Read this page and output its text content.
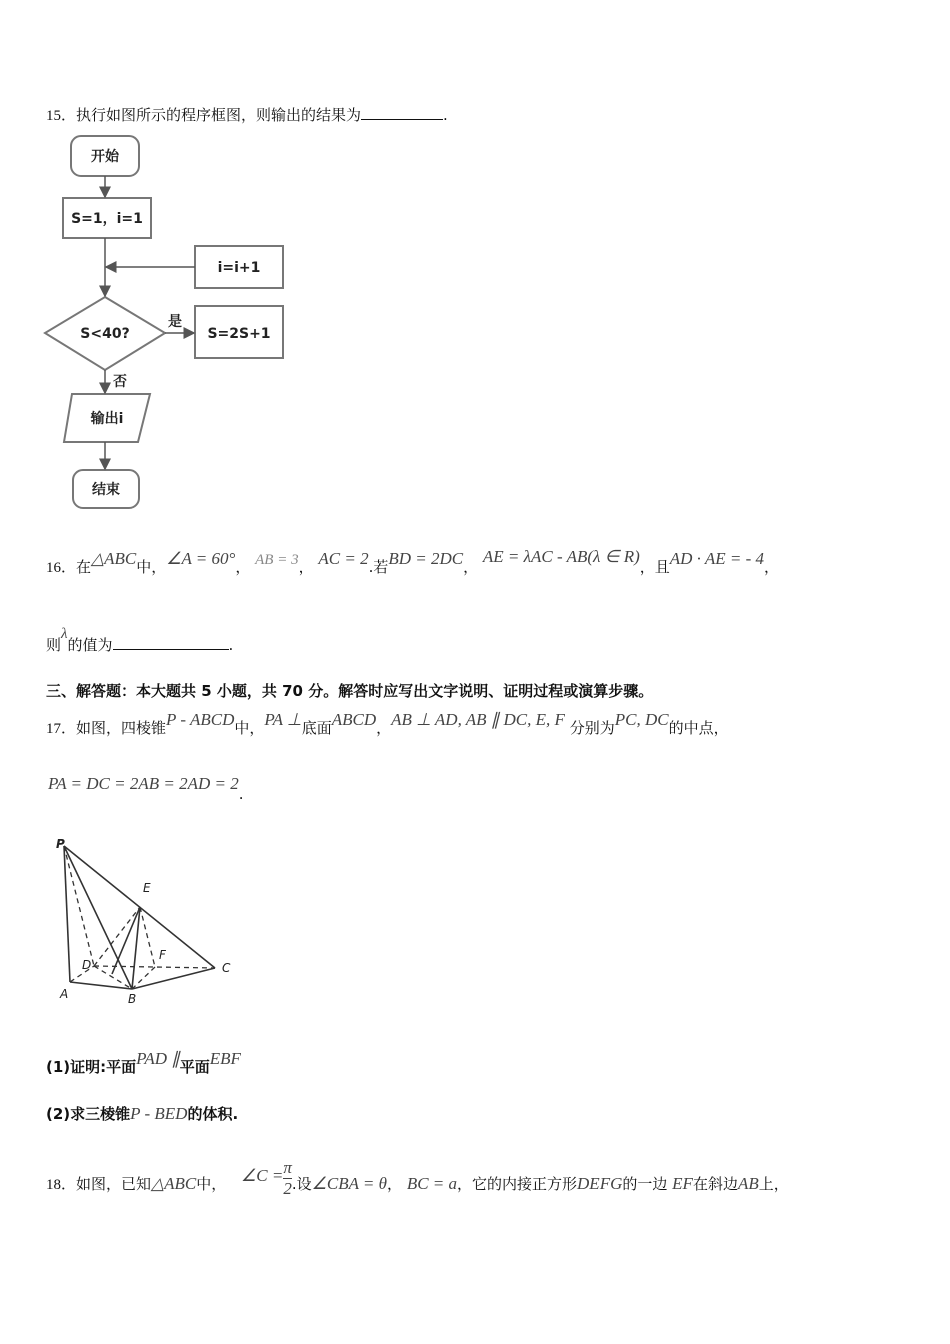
15．执行如图所示的程序框图，则输出的结果为	.
开始
S=1，i=1
i=i+1
S<40?	S=2S+1
输出i
结束
是
否
16．在△ABC中，∠A = 60°， AB = 3， AC = 2.若BD = 2DC， AE = λAC - AB(λ ∈ R)，且AD · AE = - 4，
则λ的值为	.
三、解答题：本大题共 5 小题，共 70 分。解答时应写出文字说明、证明过程或演算步骤。
17．如图，四棱锥P - ABCD中，PA ⊥底面ABCD，AB ⊥ AD, AB ∥ DC, E, F 分别为PC, DC的中点，
PA = DC = 2AB = 2AD = 2.
P
E
F
D	C
A	B
(1)证明:平面PAD ∥平面EBF
(2)求三棱锥P - BED的体积.
18．如图，已知△ABC中， ∠C = $\frac{\pi}{2}$ .设∠CBA = θ， BC = a，它的内接正方形DEFG的一边 EF在斜边AB上，
